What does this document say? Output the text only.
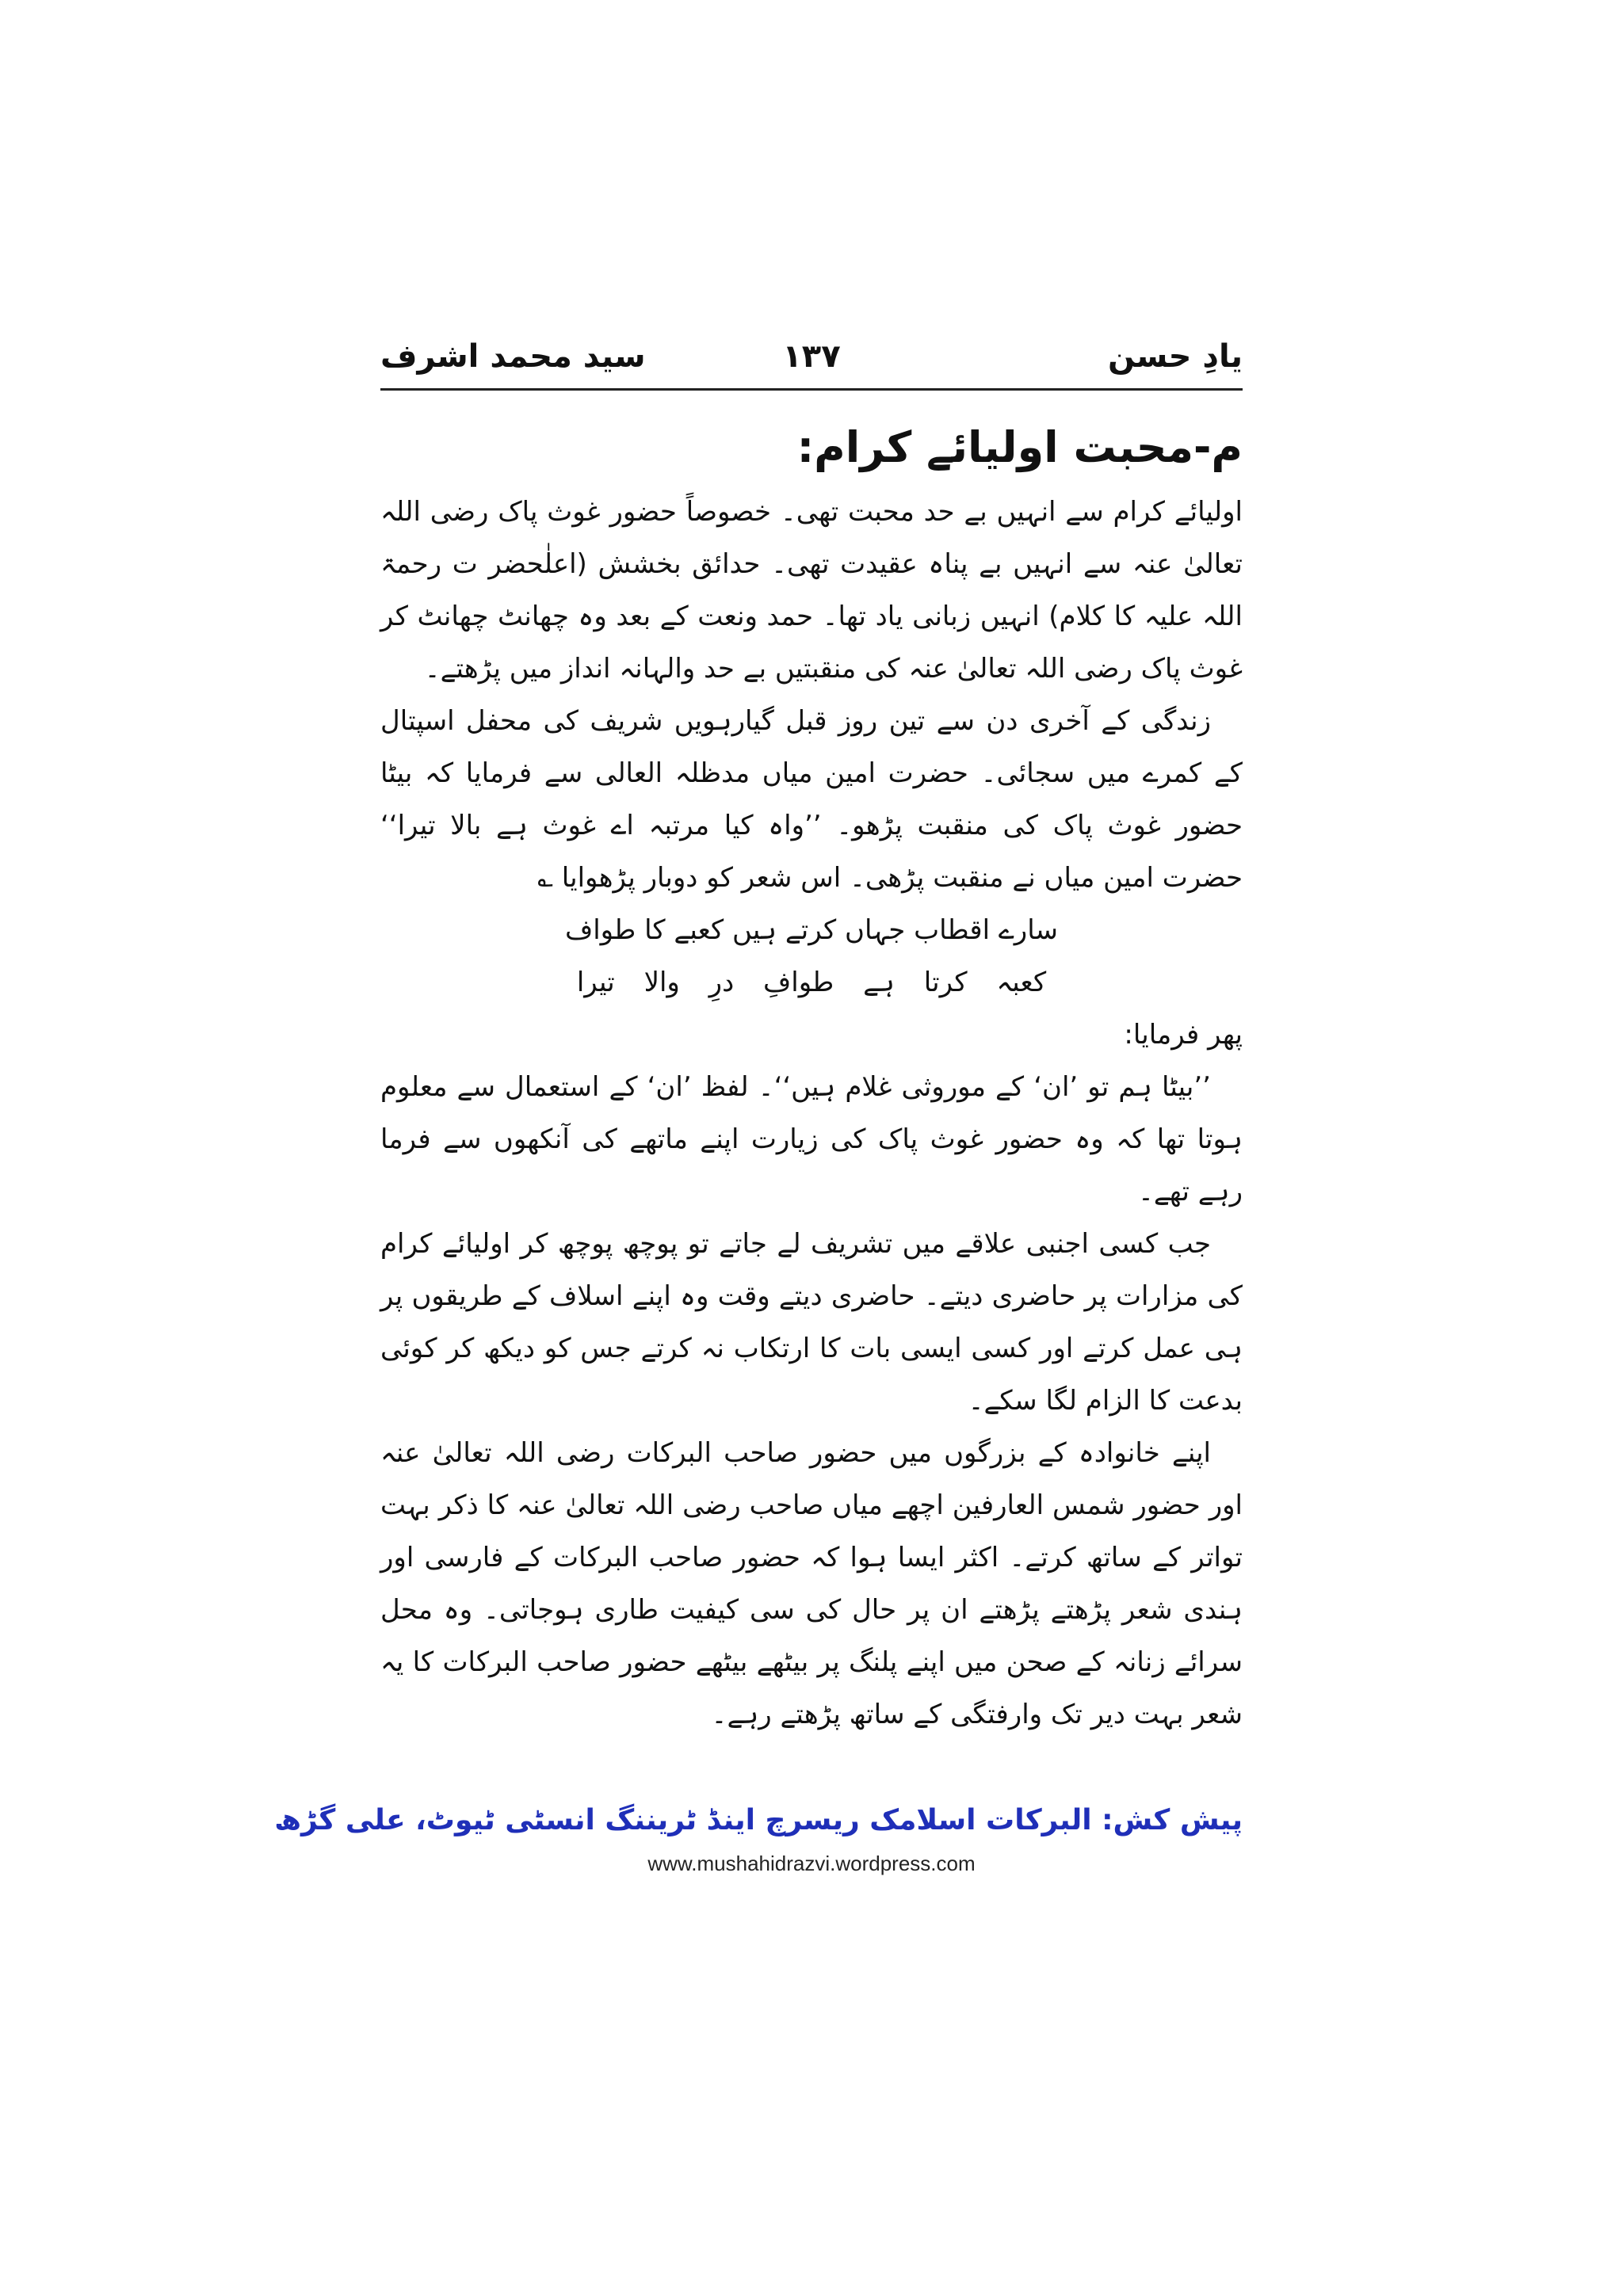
یادِ حسن
۱۳۷
سید محمد اشرف
م-محبت اولیائے کرام:

اولیائے کرام سے انہیں بے حد محبت تھی۔ خصوصاً حضور غوث پاک رضی اللہ تعالیٰ عنہ سے انہیں بے پناہ عقیدت تھی۔ حدائق بخشش (اعلٰحضر ت رحمۃ اللہ علیہ کا کلام) انہیں زبانی یاد تھا۔ حمد ونعت کے بعد وہ چھانٹ چھانٹ کر غوث پاک رضی اللہ تعالیٰ عنہ کی منقبتیں بے حد والہانہ انداز میں پڑھتے۔

زندگی کے آخری دن سے تین روز قبل گیارہویں شریف کی محفل اسپتال کے کمرے میں سجائی۔ حضرت امین میاں مدظلہ العالی سے فرمایا کہ بیٹا حضور غوث پاک کی منقبت پڑھو۔ ’’واہ کیا مرتبہ اے غوث ہے بالا تیرا‘‘ حضرت امین میاں نے منقبت پڑھی۔ اس شعر کو دوبار پڑھوایا ؎

سارے اقطاب جہاں کرتے ہیں کعبے کا طواف
کعبہ کرتا ہے طوافِ درِ والا تیرا

پھر فرمایا:

’’بیٹا ہم تو ’ان‘ کے موروثی غلام ہیں‘‘۔ لفظ ’ان‘ کے استعمال سے معلوم ہوتا تھا کہ وہ حضور غوث پاک کی زیارت اپنے ماتھے کی آنکھوں سے فرما رہے تھے۔

جب کسی اجنبی علاقے میں تشریف لے جاتے تو پوچھ پوچھ کر اولیائے کرام کی مزارات پر حاضری دیتے۔ حاضری دیتے وقت وہ اپنے اسلاف کے طریقوں پر ہی عمل کرتے اور کسی ایسی بات کا ارتکاب نہ کرتے جس کو دیکھ کر کوئی بدعت کا الزام لگا سکے۔

اپنے خانوادہ کے بزرگوں میں حضور صاحب البرکات رضی اللہ تعالیٰ عنہ اور حضور شمس العارفین اچھے میاں صاحب رضی اللہ تعالیٰ عنہ کا ذکر بہت تواتر کے ساتھ کرتے۔ اکثر ایسا ہوا کہ حضور صاحب البرکات کے فارسی اور ہندی شعر پڑھتے پڑھتے ان پر حال کی سی کیفیت طاری ہوجاتی۔ وہ محل سرائے زنانہ کے صحن میں اپنے پلنگ پر بیٹھے بیٹھے حضور صاحب البرکات کا یہ شعر بہت دیر تک وارفتگی کے ساتھ پڑھتے رہے۔

پیش کش: البرکات اسلامک ریسرچ اینڈ ٹریننگ انسٹی ٹیوٹ، علی گڑھ
www.mushahidrazvi.wordpress.com
